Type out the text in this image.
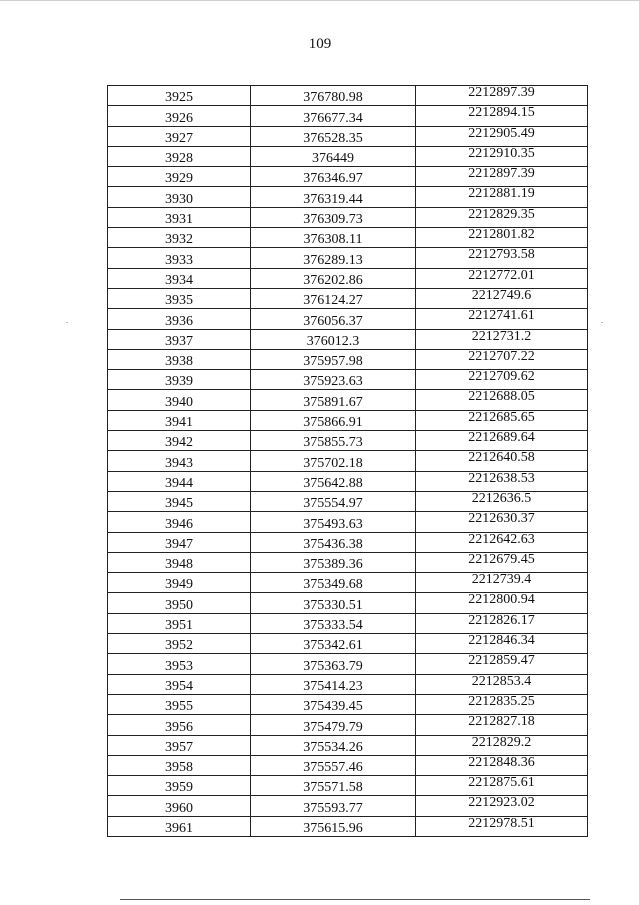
109
3925	376780.98	2212897.39
3926	376677.34	2212894.15
3927	376528.35	2212905.49
3928	376449	2212910.35
3929	376346.97	2212897.39
3930	376319.44	2212881.19
3931	376309.73	2212829.35
3932	376308.11	2212801.82
3933	376289.13	2212793.58
3934	376202.86	2212772.01
3935	376124.27	2212749.6
3936	376056.37	2212741.61
3937	376012.3	2212731.2
3938	375957.98	2212707.22
3939	375923.63	2212709.62
3940	375891.67	2212688.05
3941	375866.91	2212685.65
3942	375855.73	2212689.64
3943	375702.18	2212640.58
3944	375642.88	2212638.53
3945	375554.97	2212636.5
3946	375493.63	2212630.37
3947	375436.38	2212642.63
3948	375389.36	2212679.45
3949	375349.68	2212739.4
3950	375330.51	2212800.94
3951	375333.54	2212826.17
3952	375342.61	2212846.34
3953	375363.79	2212859.47
3954	375414.23	2212853.4
3955	375439.45	2212835.25
3956	375479.79	2212827.18
3957	375534.26	2212829.2
3958	375557.46	2212848.36
3959	375571.58	2212875.61
3960	375593.77	2212923.02
3961	375615.96	2212978.51
